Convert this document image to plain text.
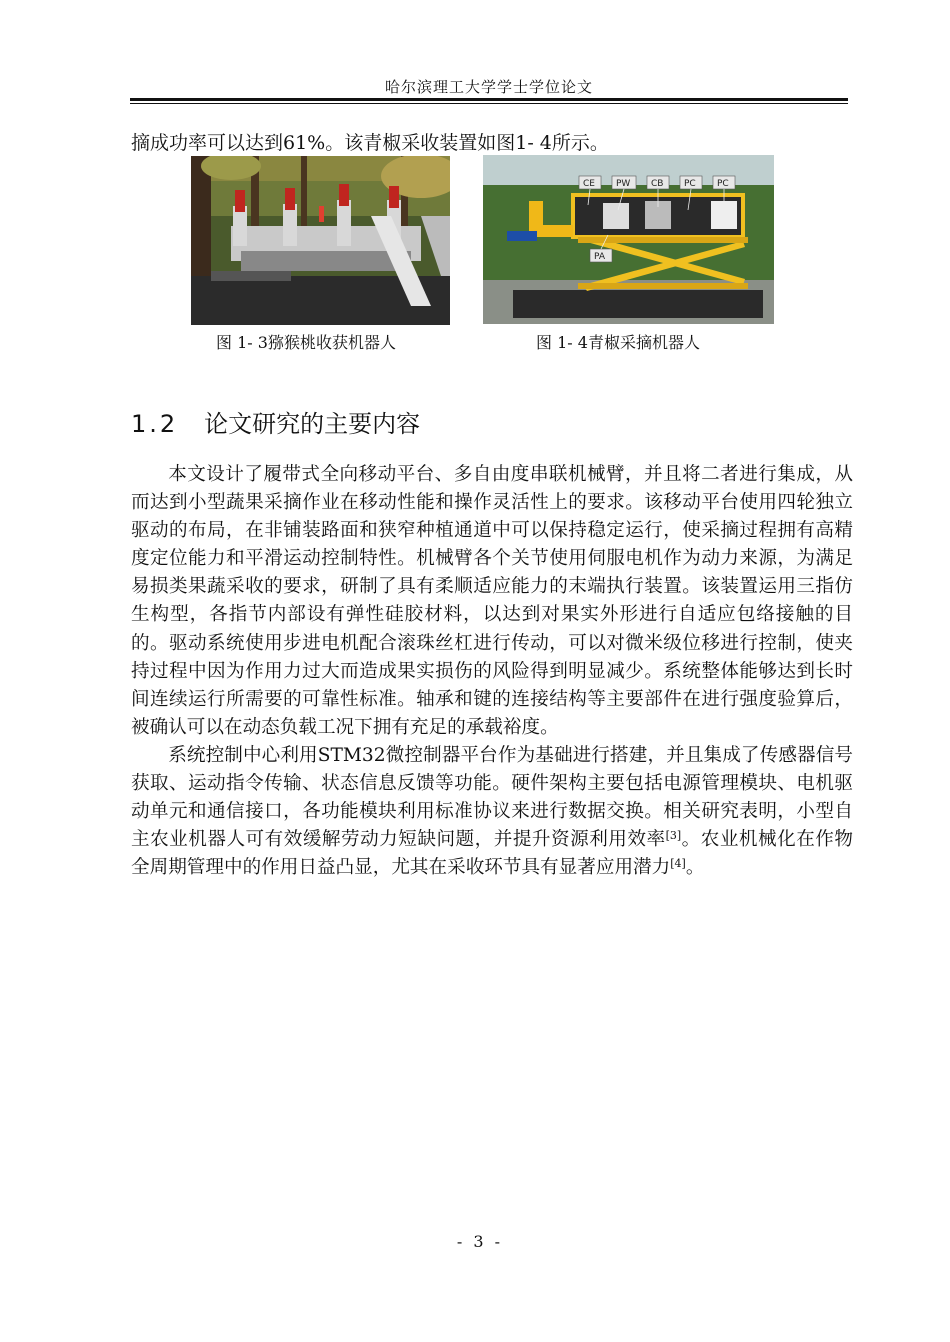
哈尔滨理工大学学士学位论文
摘成功率可以达到61%。该青椒采收装置如图1- 4所示。
CE PW CB PC PC
PA
图 1- 3猕猴桃收获机器人	图 1- 4青椒采摘机器人
1.2 论文研究的主要内容

本文设计了履带式全向移动平台、多自由度串联机械臂，并且将二者进行集成，从而达到小型蔬果采摘作业在移动性能和操作灵活性上的要求。该移动平台使用四轮独立驱动的布局，在非铺装路面和狭窄种植通道中可以保持稳定运行，使采摘过程拥有高精度定位能力和平滑运动控制特性。机械臂各个关节使用伺服电机作为动力来源，为满足易损类果蔬采收的要求，研制了具有柔顺适应能力的末端执行装置。该装置运用三指仿生构型，各指节内部设有弹性硅胶材料，以达到对果实外形进行自适应包络接触的目的。驱动系统使用步进电机配合滚珠丝杠进行传动，可以对微米级位移进行控制，使夹持过程中因为作用力过大而造成果实损伤的风险得到明显减少。系统整体能够达到长时间连续运行所需要的可靠性标准。轴承和键的连接结构等主要部件在进行强度验算后，被确认可以在动态负载工况下拥有充足的承载裕度。

系统控制中心利用STM32微控制器平台作为基础进行搭建，并且集成了传感器信号获取、运动指令传输、状态信息反馈等功能。硬件架构主要包括电源管理模块、电机驱动单元和通信接口，各功能模块利用标准协议来进行数据交换。相关研究表明，小型自主农业机器人可有效缓解劳动力短缺问题，并提升资源利用效率[3]。农业机械化在作物全周期管理中的作用日益凸显，尤其在采收环节具有显著应用潜力[4]。

- 3 -
